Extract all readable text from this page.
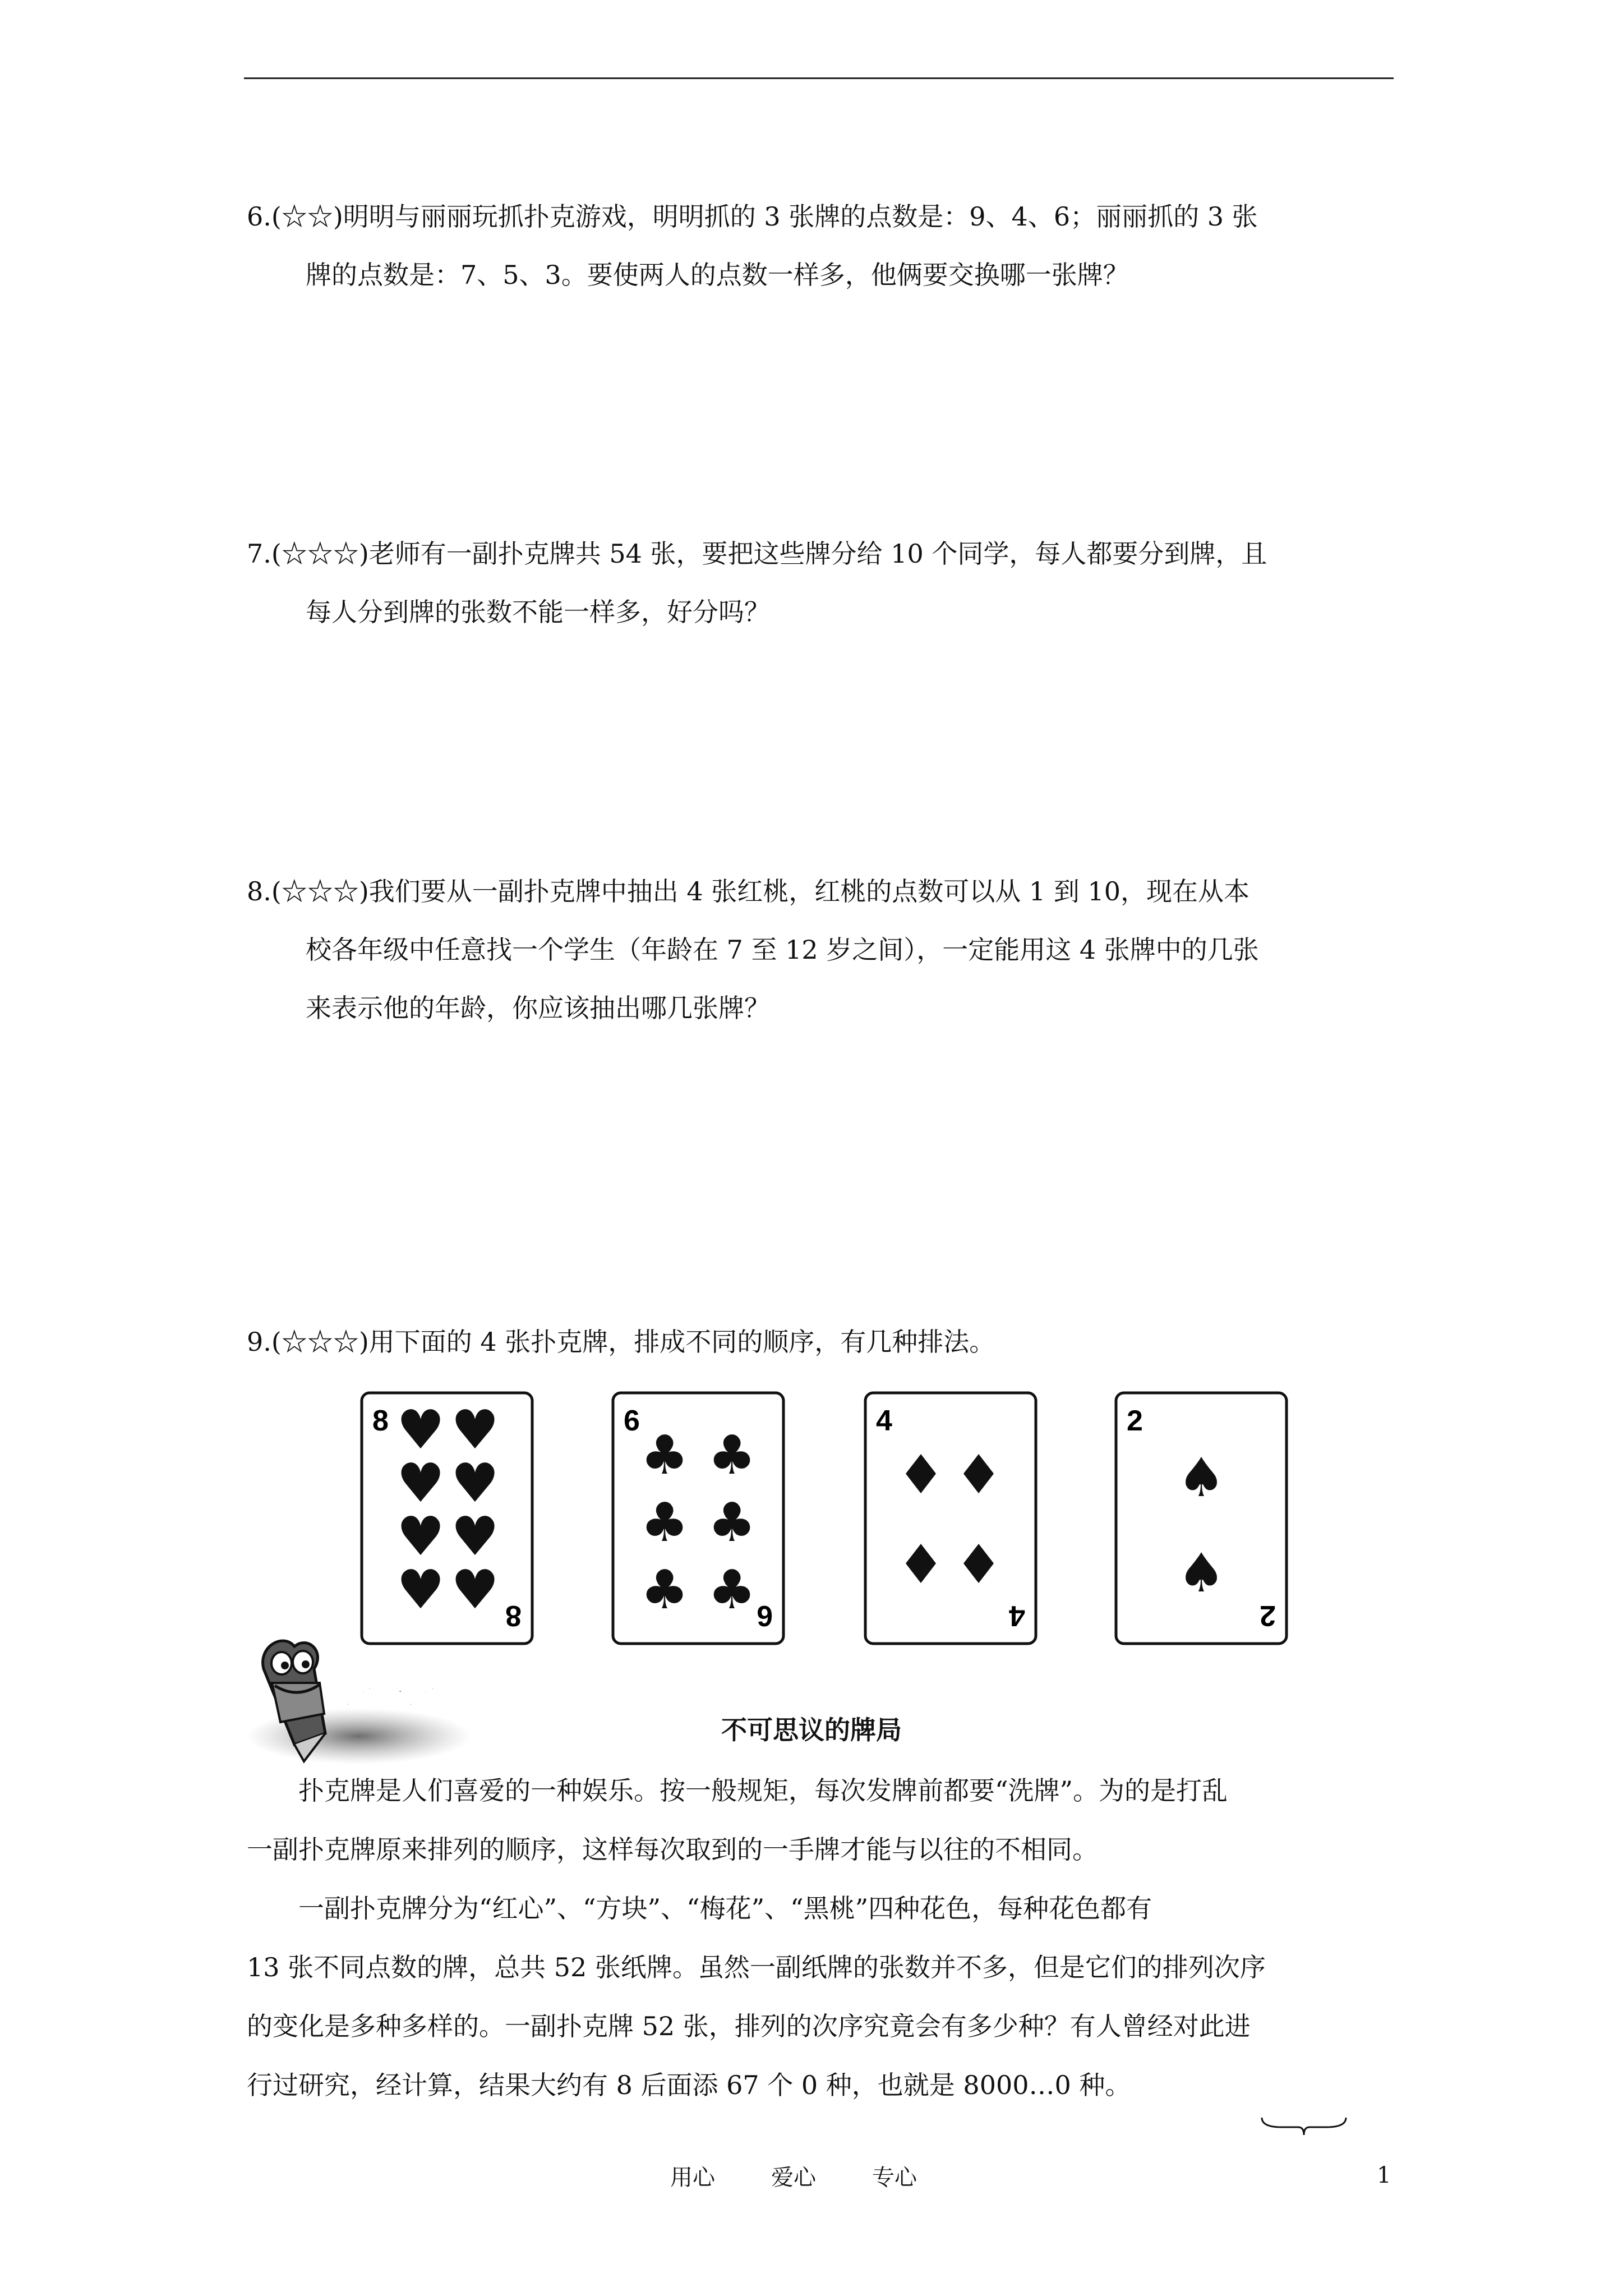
6.(☆☆)明明与丽丽玩抓扑克游戏，明明抓的 3 张牌的点数是：9、4、6；丽丽抓的 3 张
牌的点数是：7、5、3。要使两人的点数一样多，他俩要交换哪一张牌？
7.(☆☆☆)老师有一副扑克牌共 54 张，要把这些牌分给 10 个同学，每人都要分到牌，且
每人分到牌的张数不能一样多，好分吗？
8.(☆☆☆)我们要从一副扑克牌中抽出 4 张红桃，红桃的点数可以从 1 到 10，现在从本
校各年级中任意找一个学生（年龄在 7 至 12 岁之间），一定能用这 4 张牌中的几张
来表示他的年龄，你应该抽出哪几张牌？
9.(☆☆☆)用下面的 4 张扑克牌，排成不同的顺序，有几种排法。
8
8
♥ ♥
♥ ♥
♥ ♥
♥ ♥
6
6
♣ ♣
♣ ♣
♣ ♣
4
4
♦ ♦
♦ ♦
2
2
♠
♠
读一读
不可思议的牌局
扑克牌是人们喜爱的一种娱乐。按一般规矩，每次发牌前都要“洗牌”。为的是打乱
一副扑克牌原来排列的顺序，这样每次取到的一手牌才能与以往的不相同。
一副扑克牌分为“红心”、“方块”、“梅花”、“黑桃”四种花色，每种花色都有
13 张不同点数的牌，总共 52 张纸牌。虽然一副纸牌的张数并不多，但是它们的排列次序
的变化是多种多样的。一副扑克牌 52 张，排列的次序究竟会有多少种？有人曾经对此进
行过研究，经计算，结果大约有 8 后面添 67 个 0 种，也就是 8000…0 种。
用心	爱心	专心	1
